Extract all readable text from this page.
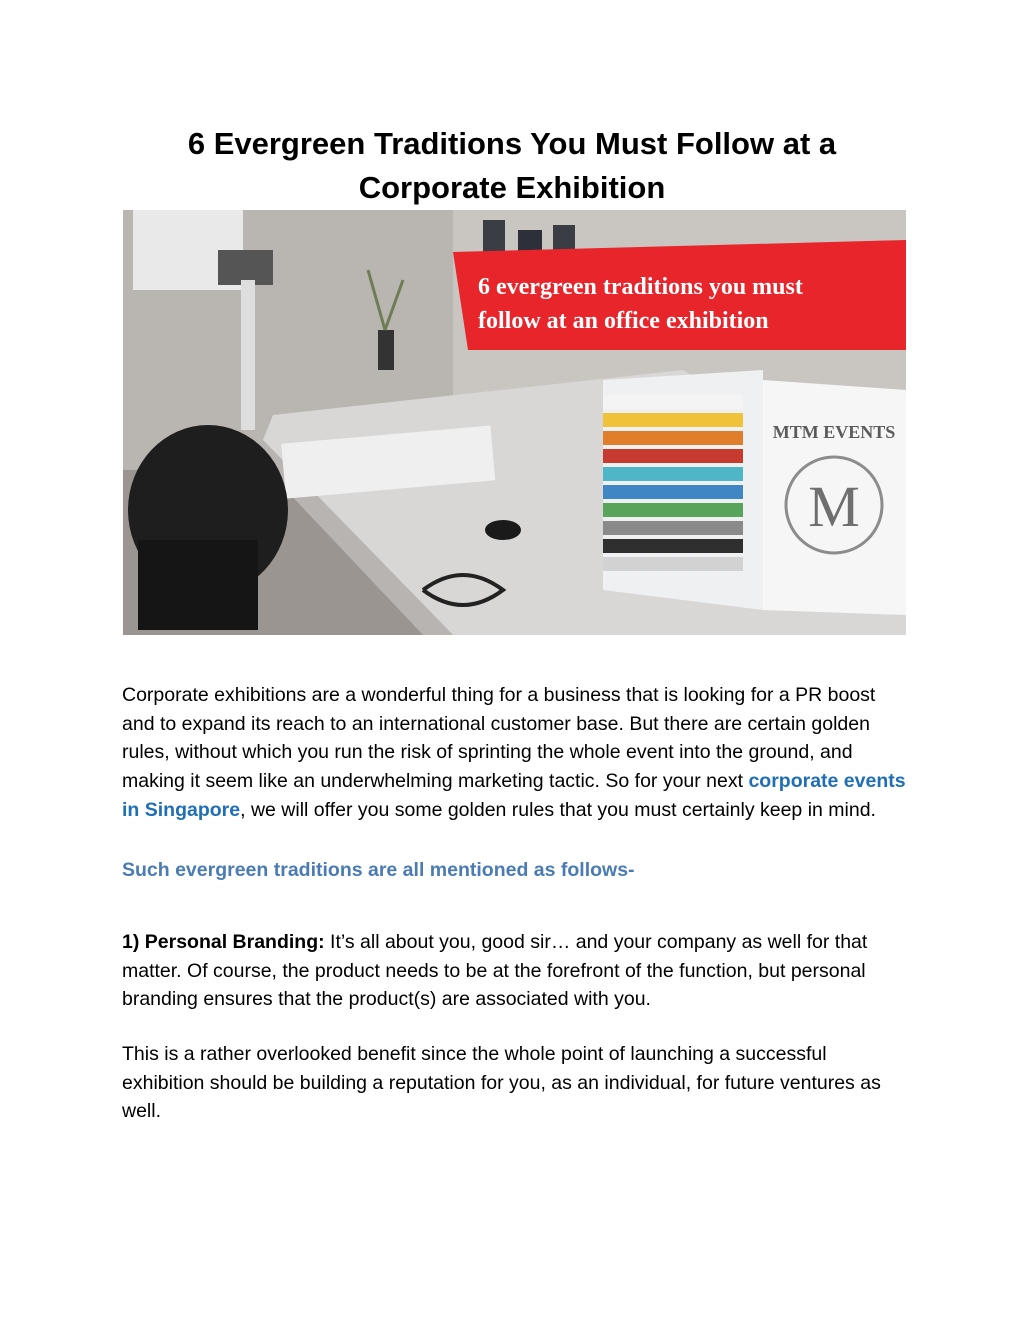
6 Evergreen Traditions You Must Follow at a
Corporate Exhibition
MTM EVENTS
M
6 evergreen traditions you must
follow at an office exhibition

Corporate exhibitions are a wonderful thing for a business that is looking for a PR boost and to expand its reach to an international customer base. But there are certain golden rules, without which you run the risk of sprinting the whole event into the ground, and making it seem like an underwhelming marketing tactic. So for your next corporate events in Singapore, we will offer you some golden rules that you must certainly keep in mind.

Such evergreen traditions are all mentioned as follows-

1) Personal Branding: It’s all about you, good sir… and your company as well for that matter. Of course, the product needs to be at the forefront of the function, but personal branding ensures that the product(s) are associated with you.

This is a rather overlooked benefit since the whole point of launching a successful exhibition should be building a reputation for you, as an individual, for future ventures as well.
